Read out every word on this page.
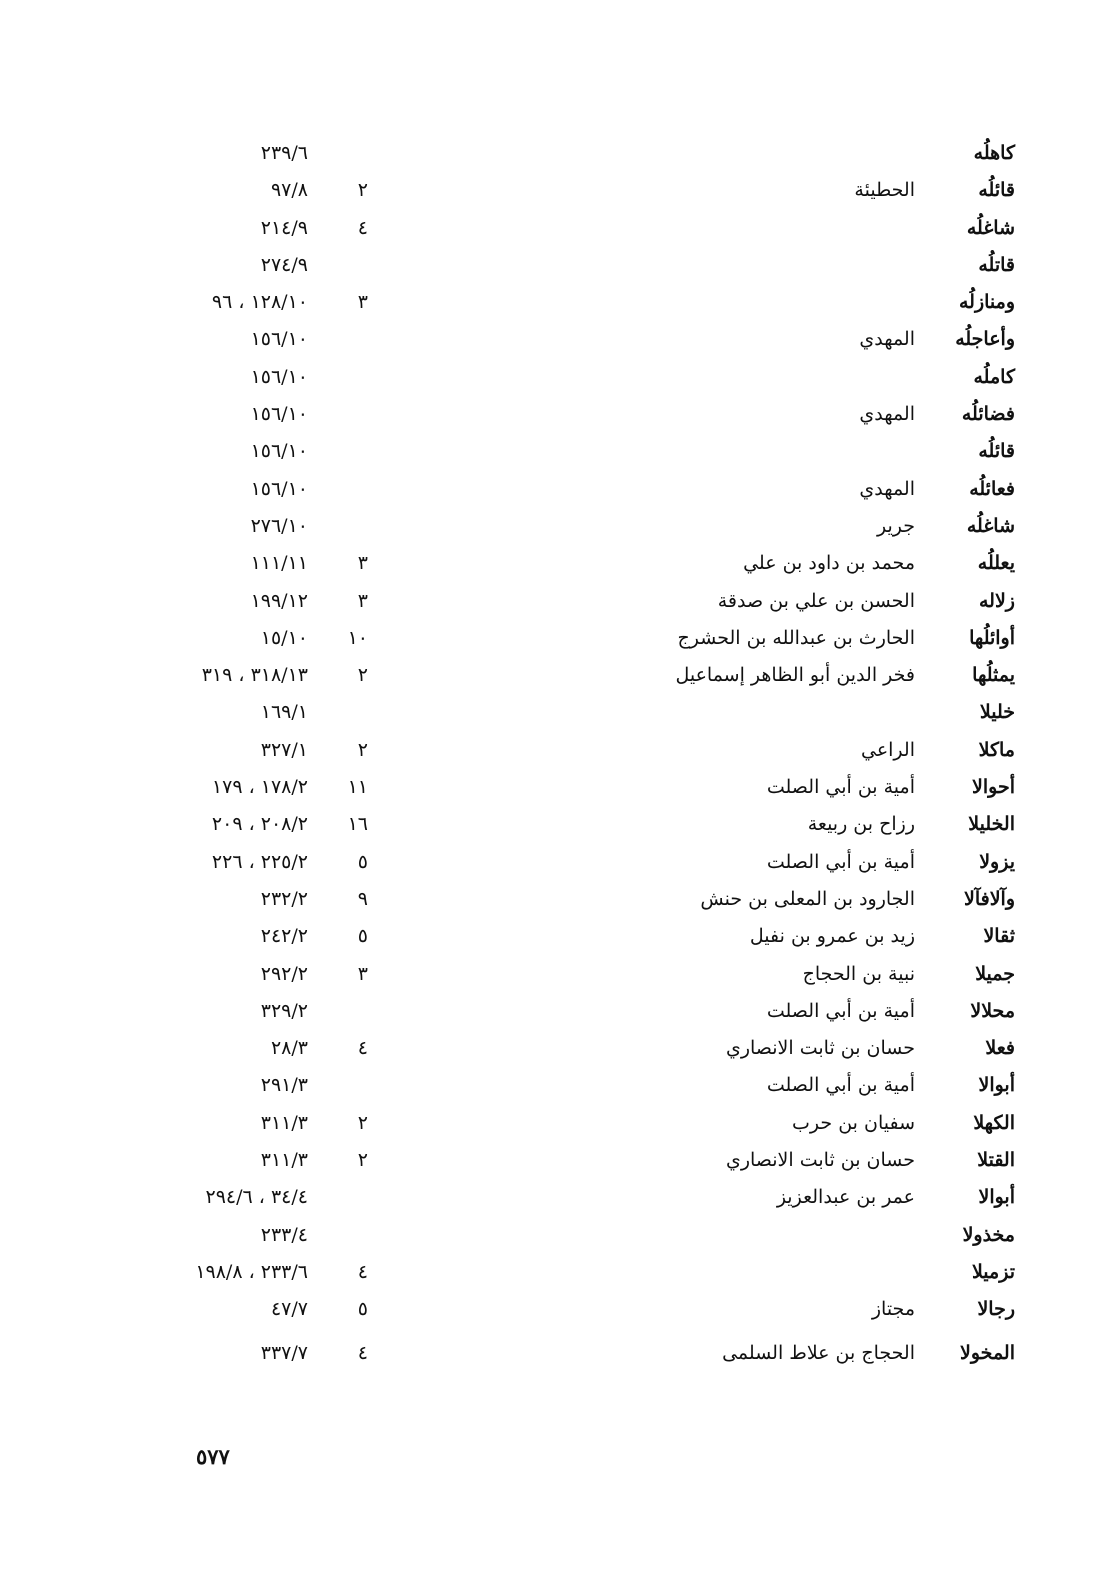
كاهلُه
٢٣٩/٦
قائلُه
الحطيئة
٢
٩٧/٨
شاغلُه
٤
٢١٤/٩
قاتلُه
٢٧٤/٩
ومنازلُه
٣
١٢٨/١٠ ، ٩٦
وأعاجلُه
المهدي
١٥٦/١٠
كاملُه
١٥٦/١٠
فضائلُه
المهدي
١٥٦/١٠
قائلُه
١٥٦/١٠
فعائلُه
المهدي
١٥٦/١٠
شاغلُه
جرير
٢٧٦/١٠
يعللُه
محمد بن داود بن علي
٣
١١١/١١
زلاله
الحسن بن علي بن صدقة
٣
١٩٩/١٢
أوائلُها
الحارث بن عبدالله بن الحشرج
١٠
١٥/١٠
يمثلُها
فخر الدين أبو الظاهر إسماعيل
٢
٣١٨/١٣ ، ٣١٩
خليلا
١٦٩/١
ماكلا
الراعي
٢
٣٢٧/١
أحوالا
أمية بن أبي الصلت
١١
١٧٨/٢ ، ١٧٩
الخليلا
رزاح بن ربيعة
١٦
٢٠٨/٢ ، ٢٠٩
يزولا
أمية بن أبي الصلت
٥
٢٢٥/٢ ، ٢٢٦
وآلافآلا
الجارود بن المعلى بن حنش
٩
٢٣٢/٢
ثقالا
زيد بن عمرو بن نفيل
٥
٢٤٢/٢
جميلا
نبية بن الحجاج
٣
٢٩٢/٢
محلالا
أمية بن أبي الصلت
٣٢٩/٢
فعلا
حسان بن ثابت الانصاري
٤
٢٨/٣
أبوالا
أمية بن أبي الصلت
٢٩١/٣
الكهلا
سفيان بن حرب
٢
٣١١/٣
القتلا
حسان بن ثابت الانصاري
٢
٣١١/٣
أبوالا
عمر بن عبدالعزيز
٣٤/٤ ، ٢٩٤/٦
مخذولا
٢٣٣/٤
تزميلا
٤
٢٣٣/٦ ، ١٩٨/٨
رجالا
مجتاز
٥
٤٧/٧
المخولا
الحجاج بن علاط السلمى
٤
٣٣٧/٧
٥٧٧
